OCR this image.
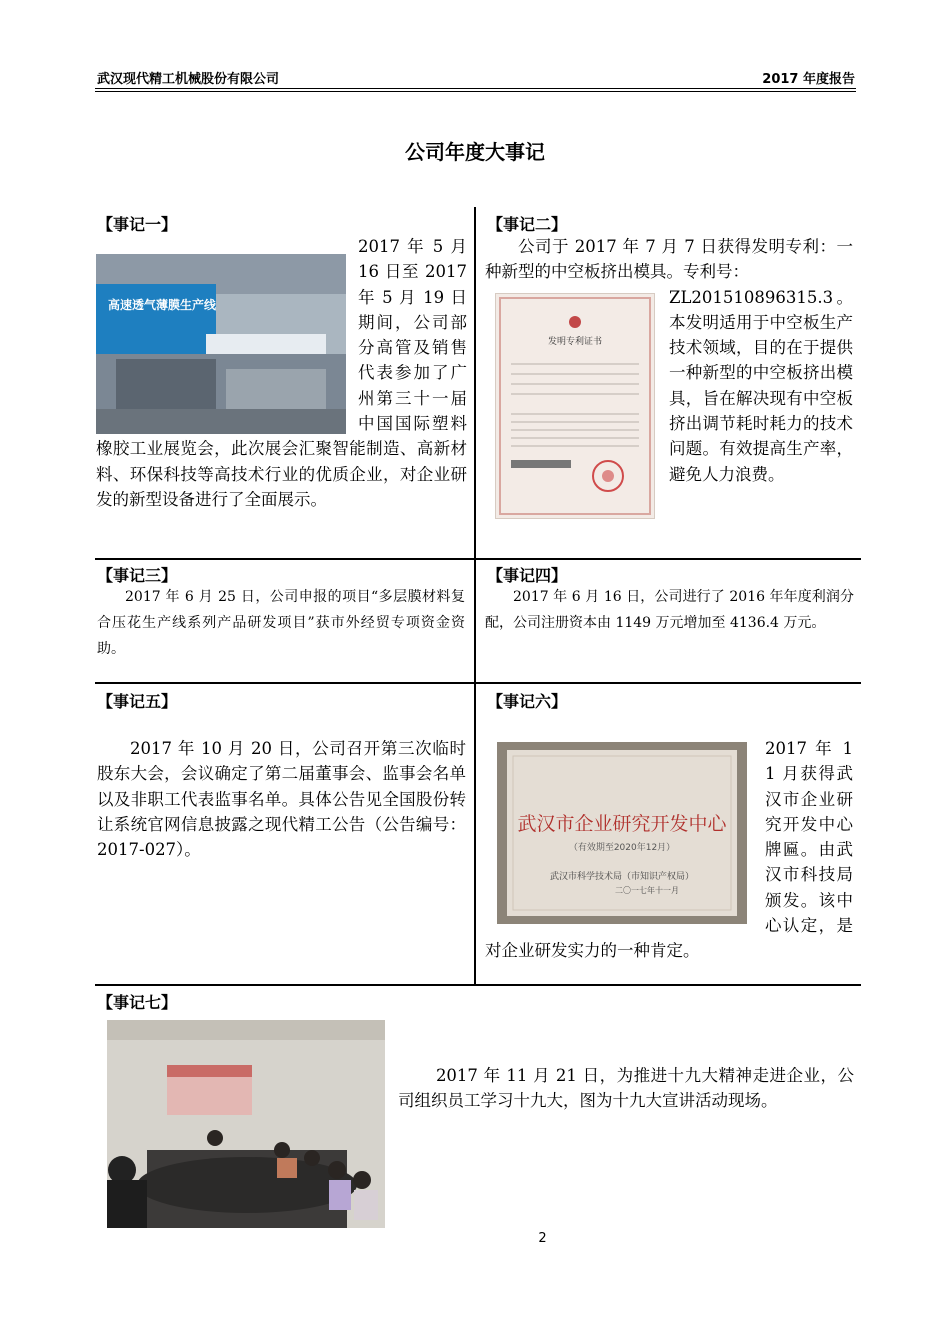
武汉现代精工机械股份有限公司	2017 年度报告
公司年度大事记
【事记一】
高速透气薄膜生产线
2017 年 5 月 16 日至 2017 年 5 月 19 日期间，公司部分高管及销售代表参加了广州第三十一届中国国际塑料橡胶工业展览会，此次展会汇聚智能制造、高新材料、环保科技等高技术行业的优质企业，对企业研发的新型设备进行了全面展示。
【事记二】
公司于 2017 年 7 月 7 日获得发明专利：一种新型的中空板挤出模具。专利号：
发明专利证书
ZL201510896315.3。本发明适用于中空板生产技术领域，目的在于提供一种新型的中空板挤出模具，旨在解决现有中空板挤出调节耗时耗力的技术问题。有效提高生产率，避免人力浪费。
【事记三】

2017 年 6 月 25 日，公司申报的项目“多层膜材料复合压花生产线系列产品研发项目”获市外经贸专项资金资助。

【事记四】

2017 年 6 月 16 日，公司进行了 2016 年年度利润分配，公司注册资本由 1149 万元增加至 4136.4 万元。

【事记五】

2017 年 10 月 20 日，公司召开第三次临时股东大会，会议确定了第二届董事会、监事会名单以及非职工代表监事名单。具体公告见全国股份转让系统官网信息披露之现代精工公告（公告编号：2017-027）。

【事记六】
武汉市企业研究开发中心
（有效期至2020年12月）
武汉市科学技术局（市知识产权局）
二〇一七年十一月
2017 年 11 月获得武汉市企业研究开发中心牌匾。由武汉市科技局颁发。该中心认定，是对企业研发实力的一种肯定。
【事记七】

2017 年 11 月 21 日，为推进十九大精神走进企业，公司组织员工学习十九大，图为十九大宣讲活动现场。

2
